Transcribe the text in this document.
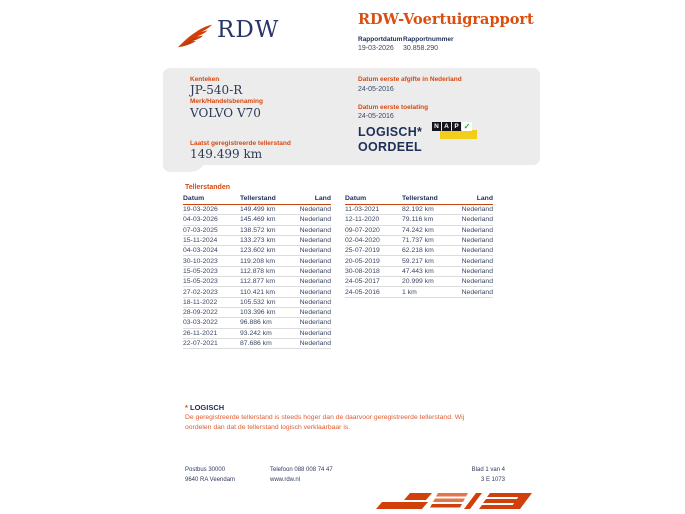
RDW	RDW-Voertuigrapport
Rapportdatum
19-03-2026
Rapportnummer
30.858.290
Kenteken
JP-540-R
Merk/Handelsbenaming
VOLVO V70
Laatst geregistreerde tellerstand
149.499 km
Datum eerste afgifte in Nederland
24-05-2016
Datum eerste toelating
24-05-2016
LOGISCH*
OORDEEL
N A P ✓
Tellerstanden
Datum	Tellerstand	Land
19-03-2026	149.499 km	Nederland
04-03-2026	145.469 km	Nederland
07-03-2025	138.572 km	Nederland
15-11-2024	133.273 km	Nederland
04-03-2024	123.602 km	Nederland
30-10-2023	119.208 km	Nederland
15-05-2023	112.878 km	Nederland
15-05-2023	112.877 km	Nederland
27-02-2023	110.421 km	Nederland
18-11-2022	105.532 km	Nederland
28-09-2022	103.396 km	Nederland
03-03-2022	96.886 km	Nederland
26-11-2021	93.242 km	Nederland
22-07-2021	87.686 km	Nederland
Datum	Tellerstand	Land
11-03-2021	82.192 km	Nederland
12-11-2020	79.116 km	Nederland
09-07-2020	74.242 km	Nederland
02-04-2020	71.737 km	Nederland
25-07-2019	62.218 km	Nederland
20-05-2019	59.217 km	Nederland
30-08-2018	47.443 km	Nederland
24-05-2017	20.999 km	Nederland
24-05-2016	1 km	Nederland
* LOGISCH
De geregistreerde tellerstand is steeds hoger dan de daarvoor geregistreerde tellerstand. Wij oordelen dan dat de tellerstand logisch verklaarbaar is.
Postbus 30000
9640 RA Veendam
Telefoon 088 008 74 47
www.rdw.nl
Blad 1 van 4
3 E 1073
